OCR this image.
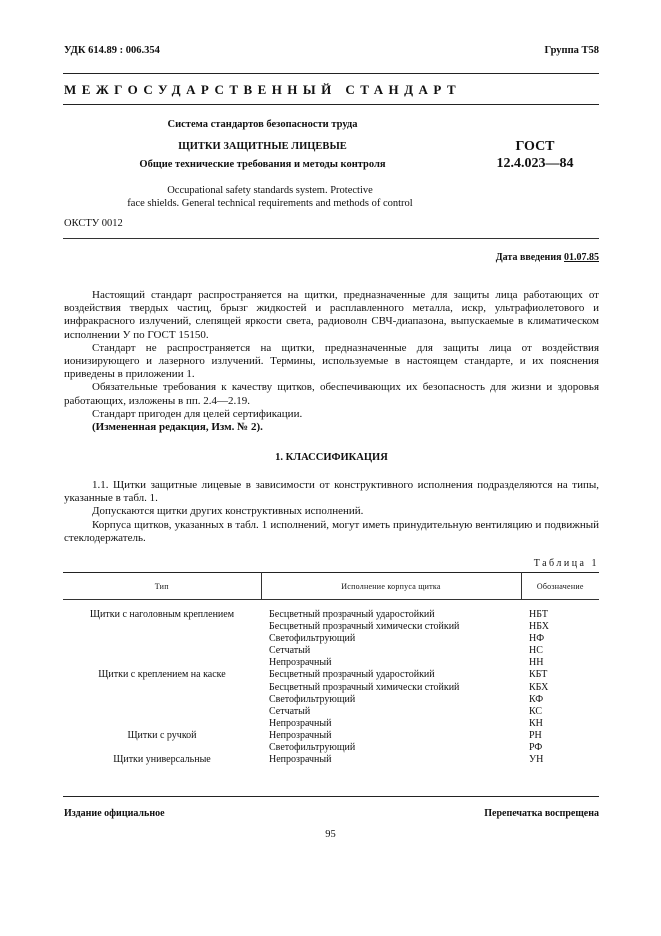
УДК 614.89 : 006.354	Группа Т58
МЕЖГОСУДАРСТВЕННЫЙ СТАНДАРТ
Система стандартов безопасности труда
ЩИТКИ ЗАЩИТНЫЕ ЛИЦЕВЫЕ
Общие технические требования и методы контроля
ГОСТ
12.4.023—84
Occupational safety standards system. Protective
face shields. General technical requirements and methods of control
ОКСТУ 0012
Дата введения 01.07.85

Настоящий стандарт распространяется на щитки, предназначенные для защиты лица работающих от воздействия твердых частиц, брызг жидкостей и расплавленного металла, искр, ультрафиолетового и инфракрасного излучений, слепящей яркости света, радиоволн СВЧ-диапазона, выпускаемые в климатическом исполнении У по ГОСТ 15150.

Стандарт не распространяется на щитки, предназначенные для защиты лица от воздействия ионизирующего и лазерного излучений. Термины, используемые в настоящем стандарте, и их пояснения приведены в приложении 1.

Обязательные требования к качеству щитков, обеспечивающих их безопасность для жизни и здоровья работающих, изложены в пп. 2.4—2.19.

Стандарт пригоден для целей сертификации.

(Измененная редакция, Изм. № 2).

1. КЛАССИФИКАЦИЯ

1.1. Щитки защитные лицевые в зависимости от конструктивного исполнения подразделяются на типы, указанные в табл. 1.

Допускаются щитки других конструктивных исполнений.

Корпуса щитков, указанных в табл. 1 исполнений, могут иметь принудительную вентиляцию и подвижный стеклодержатель.

Таблица 1
Тип	Исполнение корпуса щитка	Обозначение
Щитки с наголовным креплением	Бесцветный прозрачный ударостойкий	НБТ
	Бесцветный прозрачный химически стойкий	НБХ
	Светофильтрующий	НФ
	Сетчатый	НС
	Непрозрачный	НН
Щитки с креплением на каске	Бесцветный прозрачный ударостойкий	КБТ
	Бесцветный прозрачный химически стойкий	КБХ
	Светофильтрующий	КФ
	Сетчатый	КС
	Непрозрачный	КН
Щитки с ручкой	Непрозрачный	РН
	Светофильтрующий	РФ
Щитки универсальные	Непрозрачный	УН
Издание официальное	Перепечатка воспрещена
95
